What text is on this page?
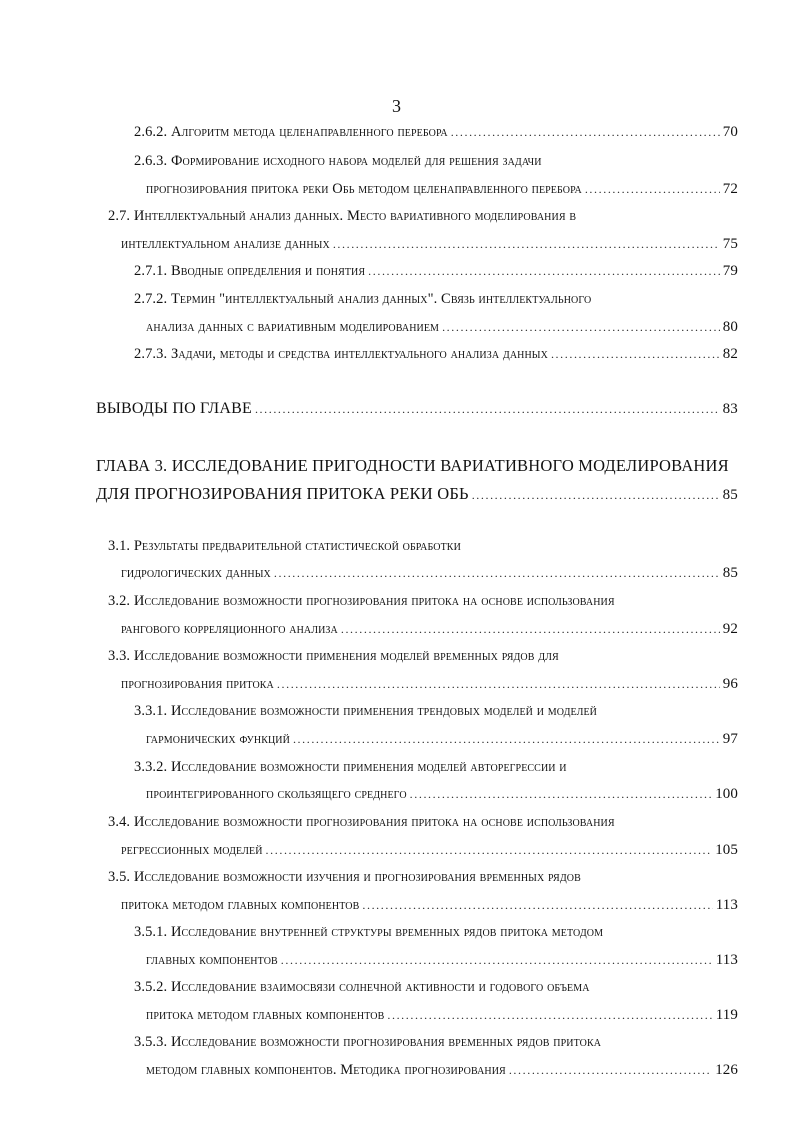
3
2.6.2. Алгоритм метода целенаправленного перебора .....	70
2.6.3. Формирование исходного набора моделей для решения задачи
прогнозирования притока реки Обь методом целенаправленного перебора .....	72
2.7. Интеллектуальный анализ данных. Место вариативного моделирования в
интеллектуальном анализе данных .....	75
2.7.1. Вводные определения и понятия .....	79
2.7.2. Термин "интеллектуальный анализ данных". Связь интеллектуального
анализа данных с вариативным моделированием .....	80
2.7.3. Задачи, методы и средства интеллектуального анализа данных .....	82
ВЫВОДЫ ПО ГЛАВЕ .....	83
ГЛАВА 3. ИССЛЕДОВАНИЕ ПРИГОДНОСТИ ВАРИАТИВНОГО МОДЕЛИРОВАНИЯ
ДЛЯ ПРОГНОЗИРОВАНИЯ ПРИТОКА РЕКИ ОБЬ .....	85
3.1. Результаты предварительной статистической обработки
гидрологических данных .....	85
3.2. Исследование возможности прогнозирования притока на основе использования
рангового корреляционного анализа .....	92
3.3. Исследование возможности применения моделей временных рядов для
прогнозирования притока .....	96
3.3.1. Исследование возможности применения трендовых моделей и моделей
гармонических функций .....	97
3.3.2. Исследование возможности применения моделей авторегрессии и
проинтегрированного скользящего среднего .....	100
3.4. Исследование возможности прогнозирования притока на основе использования
регрессионных моделей .....	105
3.5. Исследование возможности изучения и прогнозирования временных рядов
притока методом главных компонентов .....	113
3.5.1. Исследование внутренней структуры временных рядов притока методом
главных компонентов .....	113
3.5.2. Исследование взаимосвязи солнечной активности и годового объема
притока методом главных компонентов .....	119
3.5.3. Исследование возможности прогнозирования временных рядов притока
методом главных компонентов. Методика прогнозирования .....	126
